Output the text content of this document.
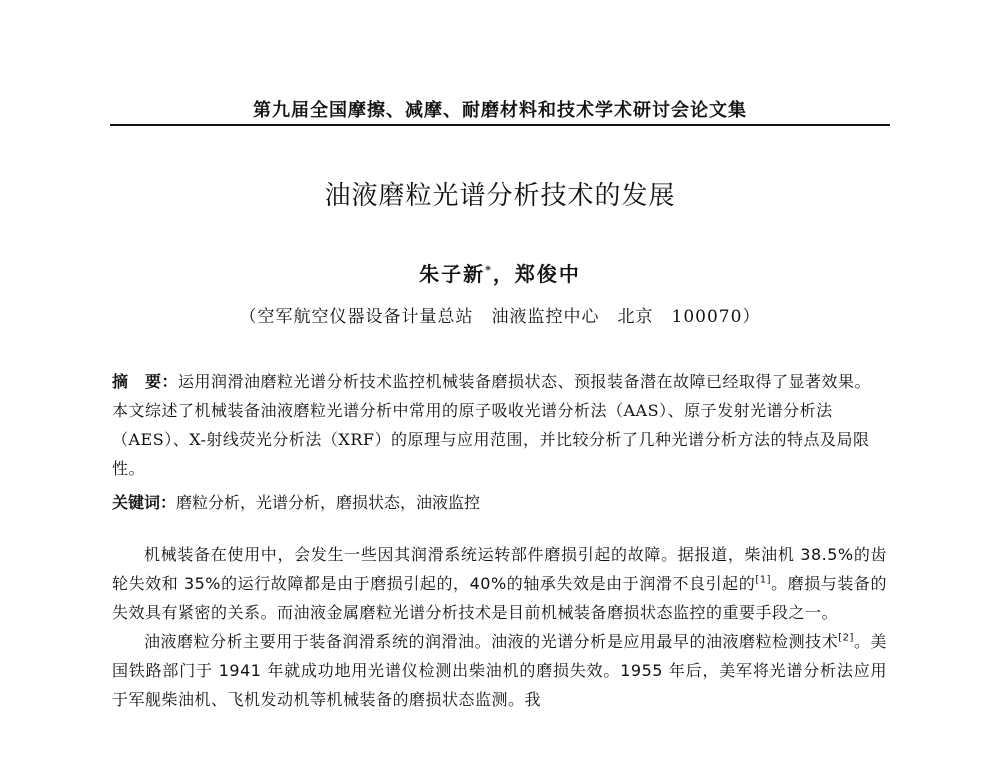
第九届全国摩擦、减摩、耐磨材料和技术学术研讨会论文集
油液磨粒光谱分析技术的发展
朱子新*，郑俊中
（空军航空仪器设备计量总站　油液监控中心　北京　100070）
摘　要：运用润滑油磨粒光谱分析技术监控机械装备磨损状态、预报装备潜在故障已经取得了显著效果。本文综述了机械装备油液磨粒光谱分析中常用的原子吸收光谱分析法（AAS）、原子发射光谱分析法（AES）、X-射线荧光分析法（XRF）的原理与应用范围，并比较分析了几种光谱分析方法的特点及局限性。
关键词：磨粒分析，光谱分析，磨损状态，油液监控

机械装备在使用中，会发生一些因其润滑系统运转部件磨损引起的故障。据报道，柴油机 38.5%的齿轮失效和 35%的运行故障都是由于磨损引起的，40%的轴承失效是由于润滑不良引起的[1]。磨损与装备的失效具有紧密的关系。而油液金属磨粒光谱分析技术是目前机械装备磨损状态监控的重要手段之一。

油液磨粒分析主要用于装备润滑系统的润滑油。油液的光谱分析是应用最早的油液磨粒检测技术[2]。美国铁路部门于 1941 年就成功地用光谱仪检测出柴油机的磨损失效。1955 年后，美军将光谱分析法应用于军舰柴油机、飞机发动机等机械装备的磨损状态监测。我
